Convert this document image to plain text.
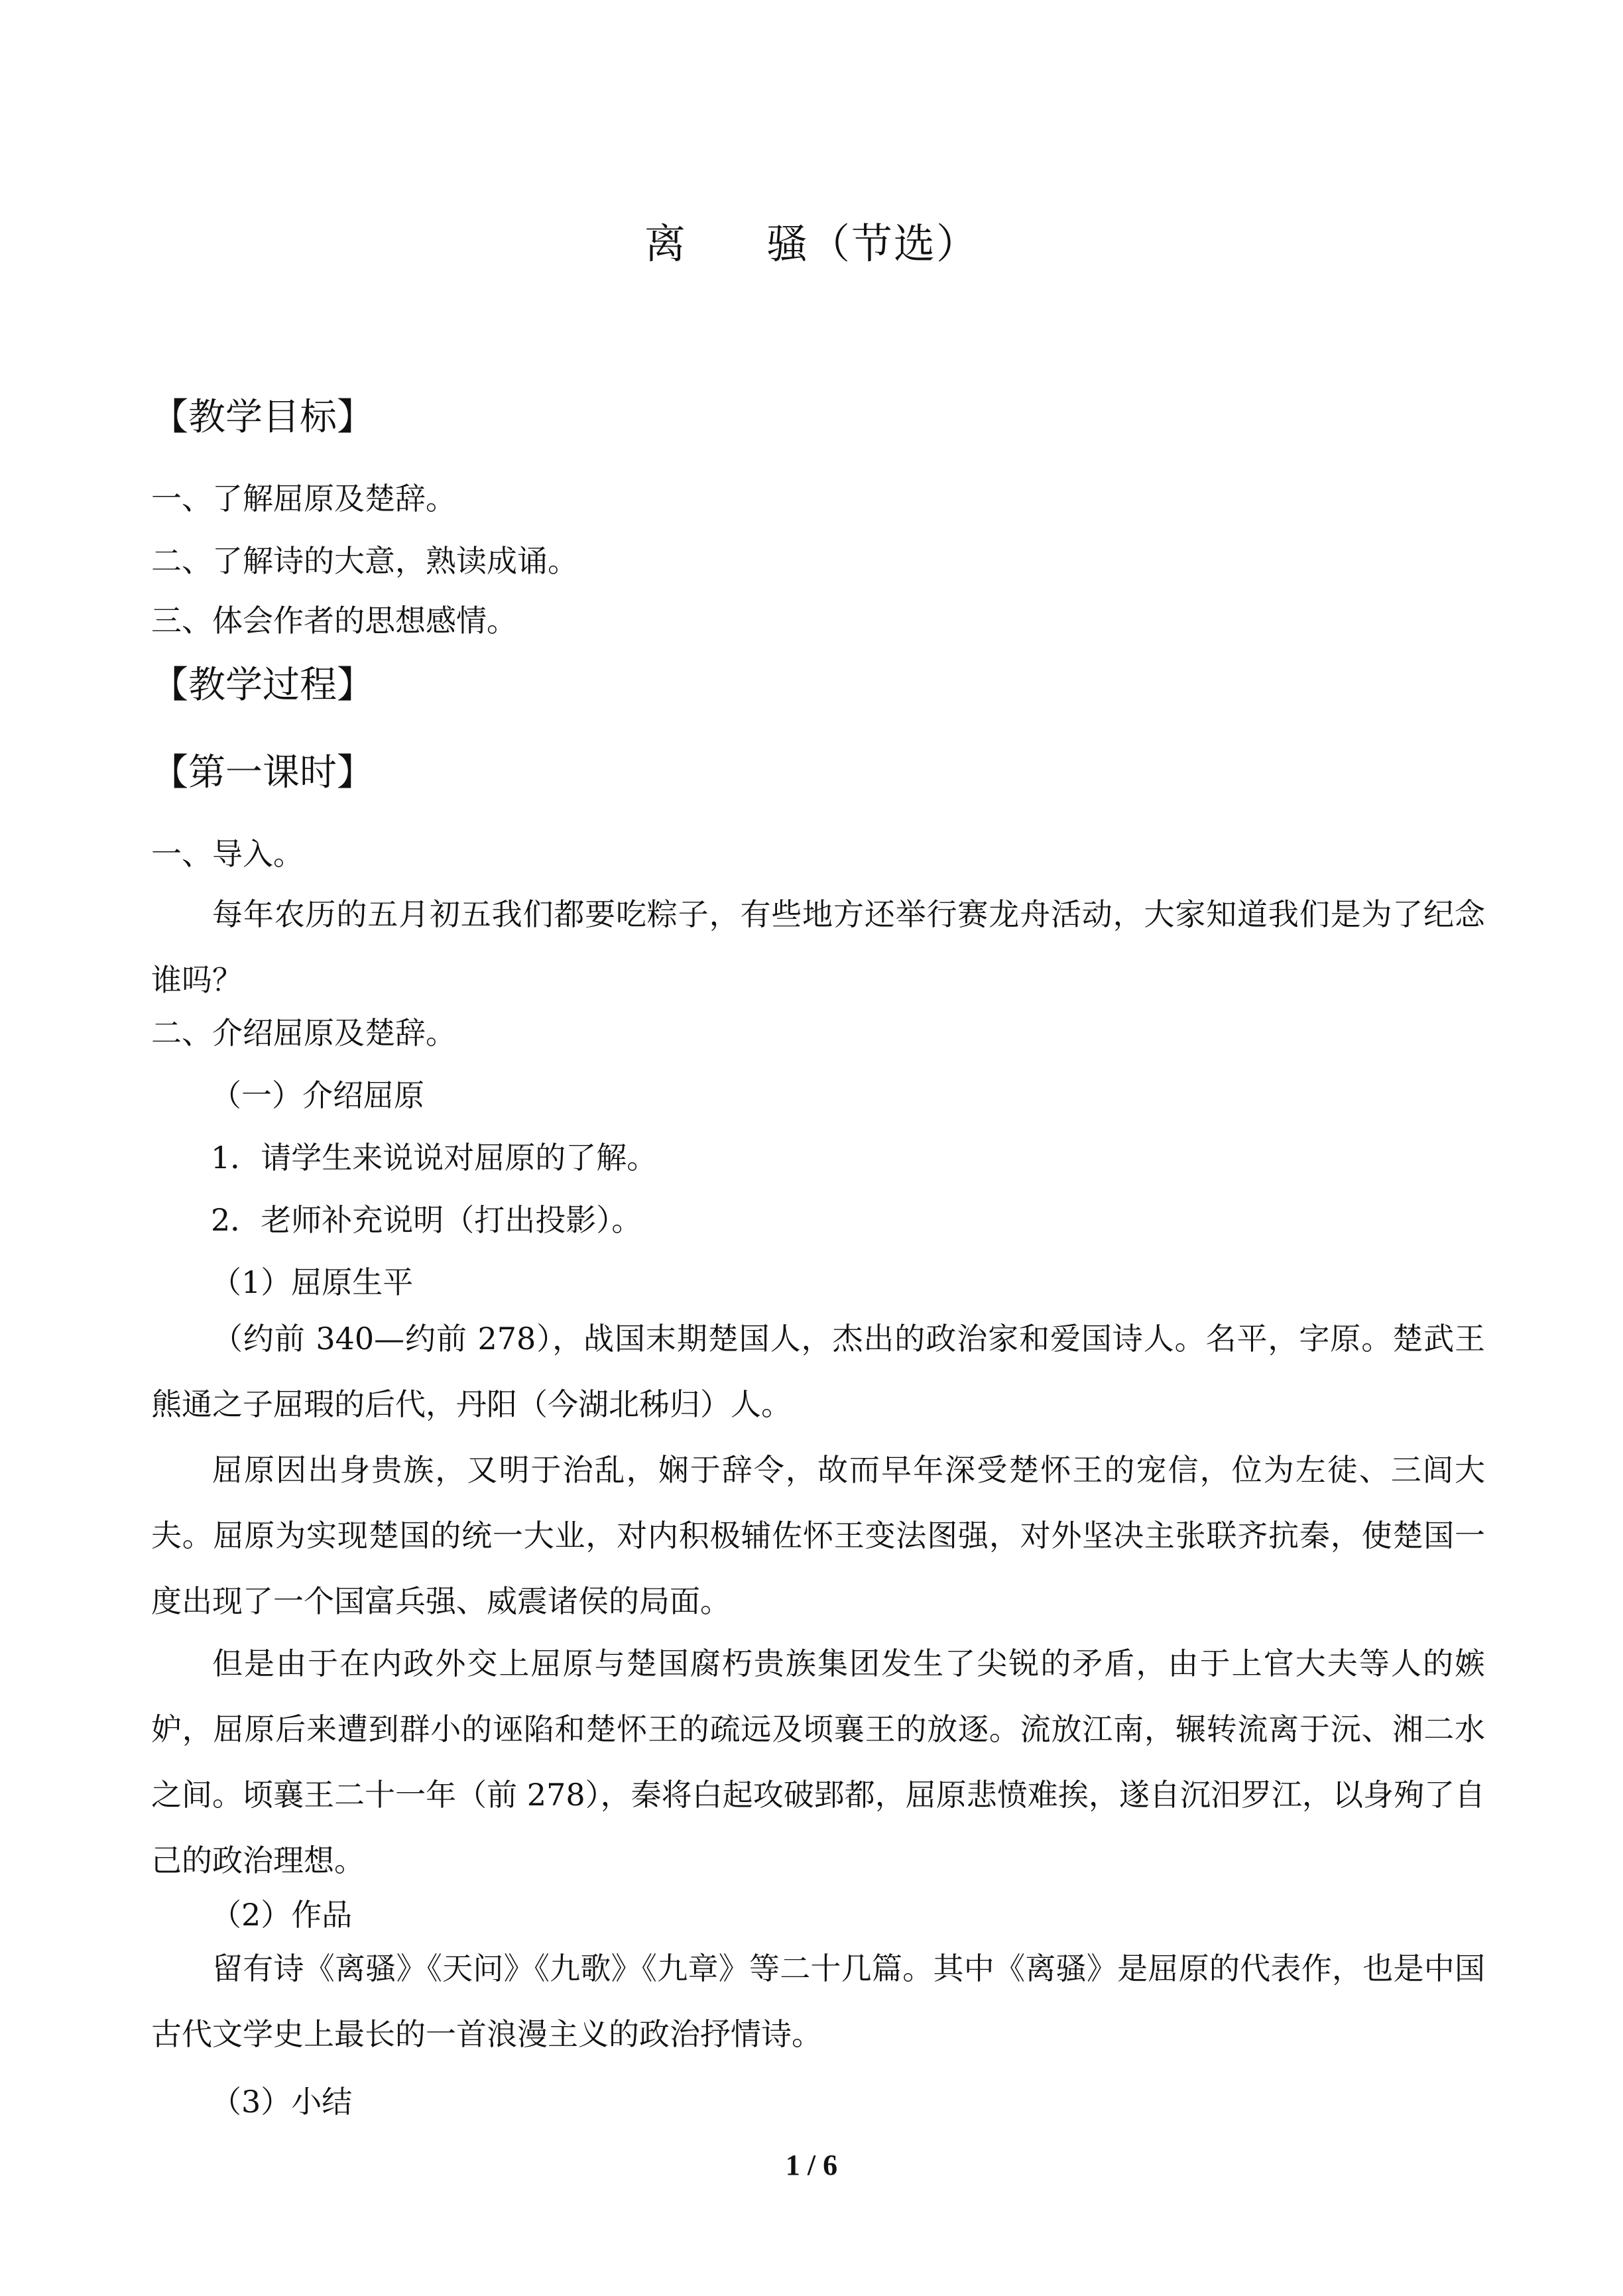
离 骚（节选）
【教学目标】
一、了解屈原及楚辞。
二、了解诗的大意，熟读成诵。
三、体会作者的思想感情。
【教学过程】
【第一课时】
一、导入。
每年农历的五月初五我们都要吃粽子，有些地方还举行赛龙舟活动，大家知道我们是为了纪念谁吗？
二、介绍屈原及楚辞。
（一）介绍屈原
1．请学生来说说对屈原的了解。
2．老师补充说明（打出投影）。
（1）屈原生平
（约前 340—约前 278），战国末期楚国人，杰出的政治家和爱国诗人。名平，字原。楚武王熊通之子屈瑕的后代，丹阳（今湖北秭归）人。
屈原因出身贵族，又明于治乱，娴于辞令，故而早年深受楚怀王的宠信，位为左徒、三闾大夫。屈原为实现楚国的统一大业，对内积极辅佐怀王变法图强，对外坚决主张联齐抗秦，使楚国一度出现了一个国富兵强、威震诸侯的局面。
但是由于在内政外交上屈原与楚国腐朽贵族集团发生了尖锐的矛盾，由于上官大夫等人的嫉妒，屈原后来遭到群小的诬陷和楚怀王的疏远及顷襄王的放逐。流放江南，辗转流离于沅、湘二水之间。顷襄王二十一年（前 278），秦将白起攻破郢都，屈原悲愤难挨，遂自沉汨罗江，以身殉了自己的政治理想。
（2）作品
留有诗《离骚》《天问》《九歌》《九章》等二十几篇。其中《离骚》是屈原的代表作，也是中国古代文学史上最长的一首浪漫主义的政治抒情诗。
（3）小结
1 / 6
